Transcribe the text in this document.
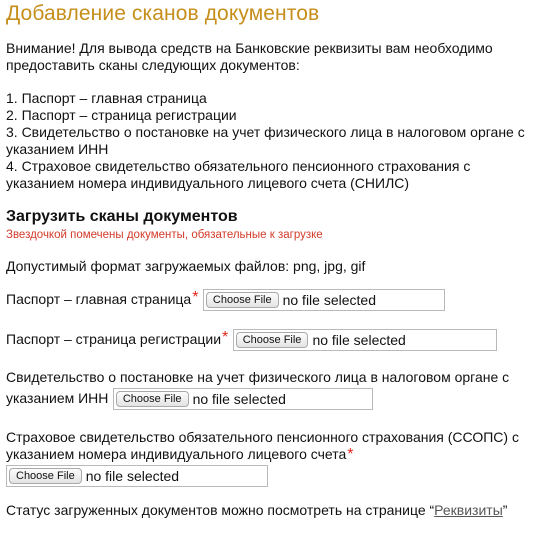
Добавление сканов документов

Внимание! Для вывода средств на Банковские реквизиты вам необходимо предоставить сканы следующих документов:

1. Паспорт – главная страница
2. Паспорт – страница регистрации
3. Свидетельство о постановке на учет физического лица в налоговом органе с указанием ИНН
4. Страховое свидетельство обязательного пенсионного страхования с указанием номера индивидуального лицевого счета (СНИЛС)
Загрузить сканы документов
Звездочкой помечены документы, обязательные к загрузке

Допустимый формат загружаемых файлов: png, jpg, gif

Паспорт – главная страница*	Choose File no file selected
Паспорт – страница регистрации*	Choose File no file selected
Свидетельство о постановке на учет физического лица в налоговом органе с
указанием ИНН	Choose File no file selected
Страховое свидетельство обязательного пенсионного страхования (ССОПС) с
указанием номера индивидуального лицевого счета*
Choose File no file selected

Статус загруженных документов можно посмотреть на странице “Реквизиты”
